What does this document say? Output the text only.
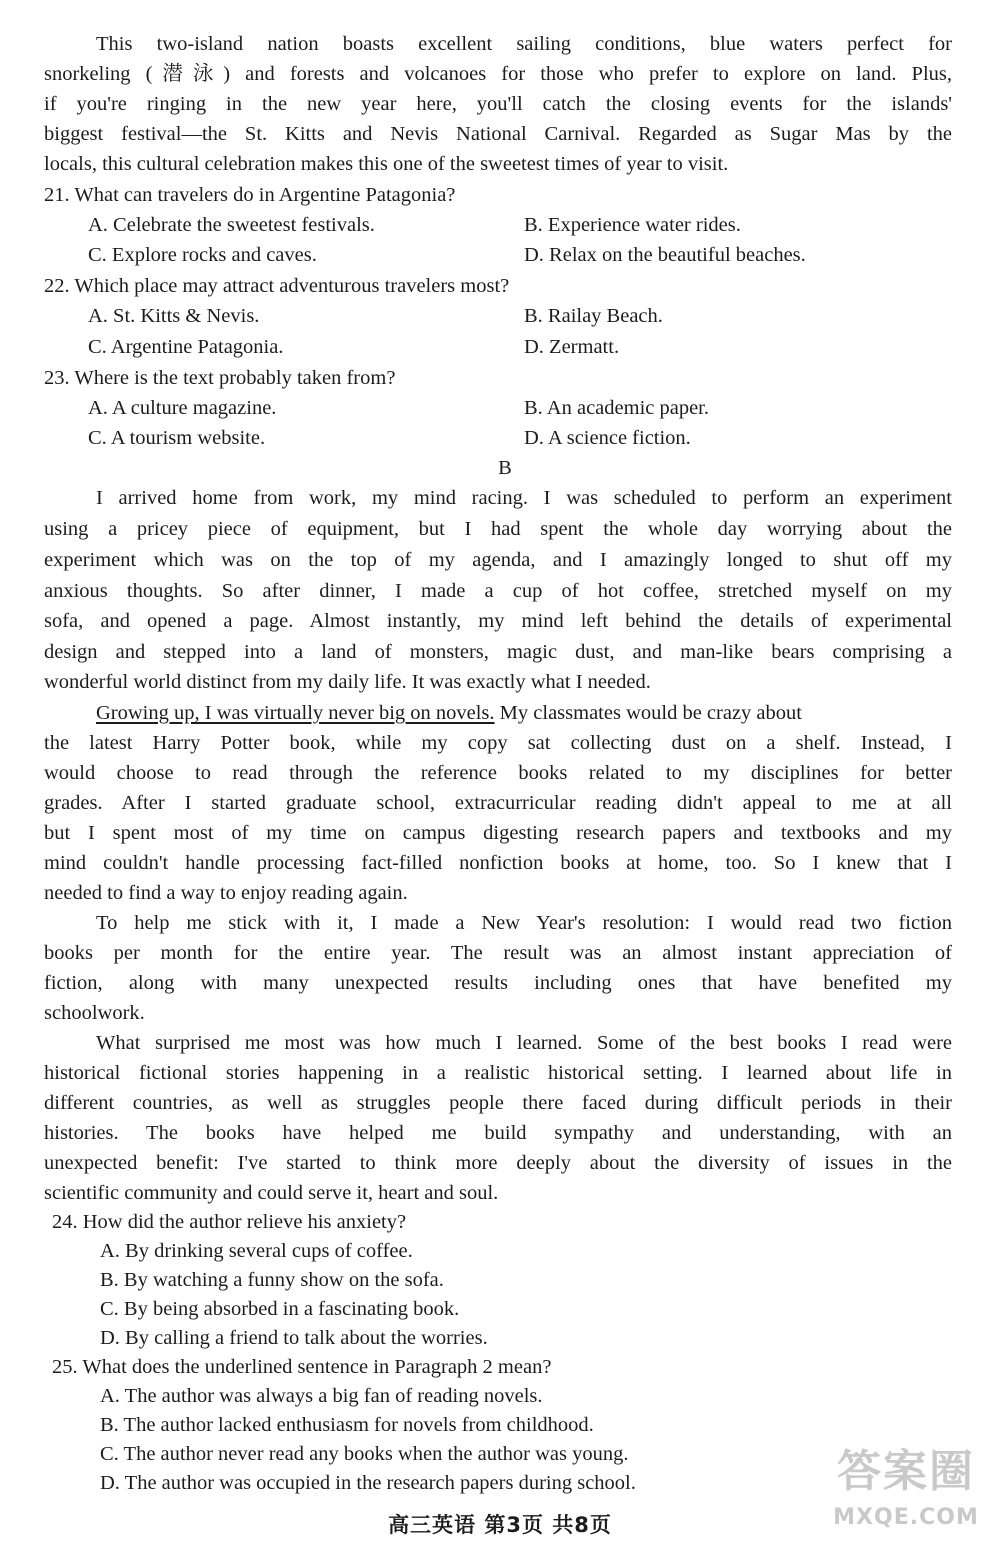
This two-island nation boasts excellent sailing conditions, blue waters perfect for
snorkeling (潜泳) and forests and volcanoes for those who prefer to explore on land. Plus,
if you're ringing in the new year here, you'll catch the closing events for the islands'
biggest festival—the St. Kitts and Nevis National Carnival. Regarded as Sugar Mas by the
locals, this cultural celebration makes this one of the sweetest times of year to visit.
21. What can travelers do in Argentine Patagonia?
A. Celebrate the sweetest festivals.	B. Experience water rides.
C. Explore rocks and caves.	D. Relax on the beautiful beaches.
22. Which place may attract adventurous travelers most?
A. St. Kitts & Nevis.	B. Railay Beach.
C. Argentine Patagonia.	D. Zermatt.
23. Where is the text probably taken from?
A. A culture magazine.	B. An academic paper.
C. A tourism website.	D. A science fiction.
B
I arrived home from work, my mind racing. I was scheduled to perform an experiment
using a pricey piece of equipment, but I had spent the whole day worrying about the
experiment which was on the top of my agenda, and I amazingly longed to shut off my
anxious thoughts. So after dinner, I made a cup of hot coffee, stretched myself on my
sofa, and opened a page. Almost instantly, my mind left behind the details of experimental
design and stepped into a land of monsters, magic dust, and man-like bears comprising a
wonderful world distinct from my daily life. It was exactly what I needed.
Growing up, I was virtually never big on novels. My classmates would be crazy about
the latest Harry Potter book, while my copy sat collecting dust on a shelf. Instead, I
would choose to read through the reference books related to my disciplines for better
grades. After I started graduate school, extracurricular reading didn't appeal to me at all
but I spent most of my time on campus digesting research papers and textbooks and my
mind couldn't handle processing fact-filled nonfiction books at home, too. So I knew that I
needed to find a way to enjoy reading again.
To help me stick with it, I made a New Year's resolution: I would read two fiction
books per month for the entire year. The result was an almost instant appreciation of
fiction, along with many unexpected results including ones that have benefited my
schoolwork.
What surprised me most was how much I learned. Some of the best books I read were
historical fictional stories happening in a realistic historical setting. I learned about life in
different countries, as well as struggles people there faced during difficult periods in their
histories. The books have helped me build sympathy and understanding, with an
unexpected benefit: I've started to think more deeply about the diversity of issues in the
scientific community and could serve it, heart and soul.
24. How did the author relieve his anxiety?
A. By drinking several cups of coffee.
B. By watching a funny show on the sofa.
C. By being absorbed in a fascinating book.
D. By calling a friend to talk about the worries.
25. What does the underlined sentence in Paragraph 2 mean?
A. The author was always a big fan of reading novels.
B. The author lacked enthusiasm for novels from childhood.
C. The author never read any books when the author was young.
D. The author was occupied in the research papers during school.	答案圈
MXQE.COM
高三英语 第3页 共8页
